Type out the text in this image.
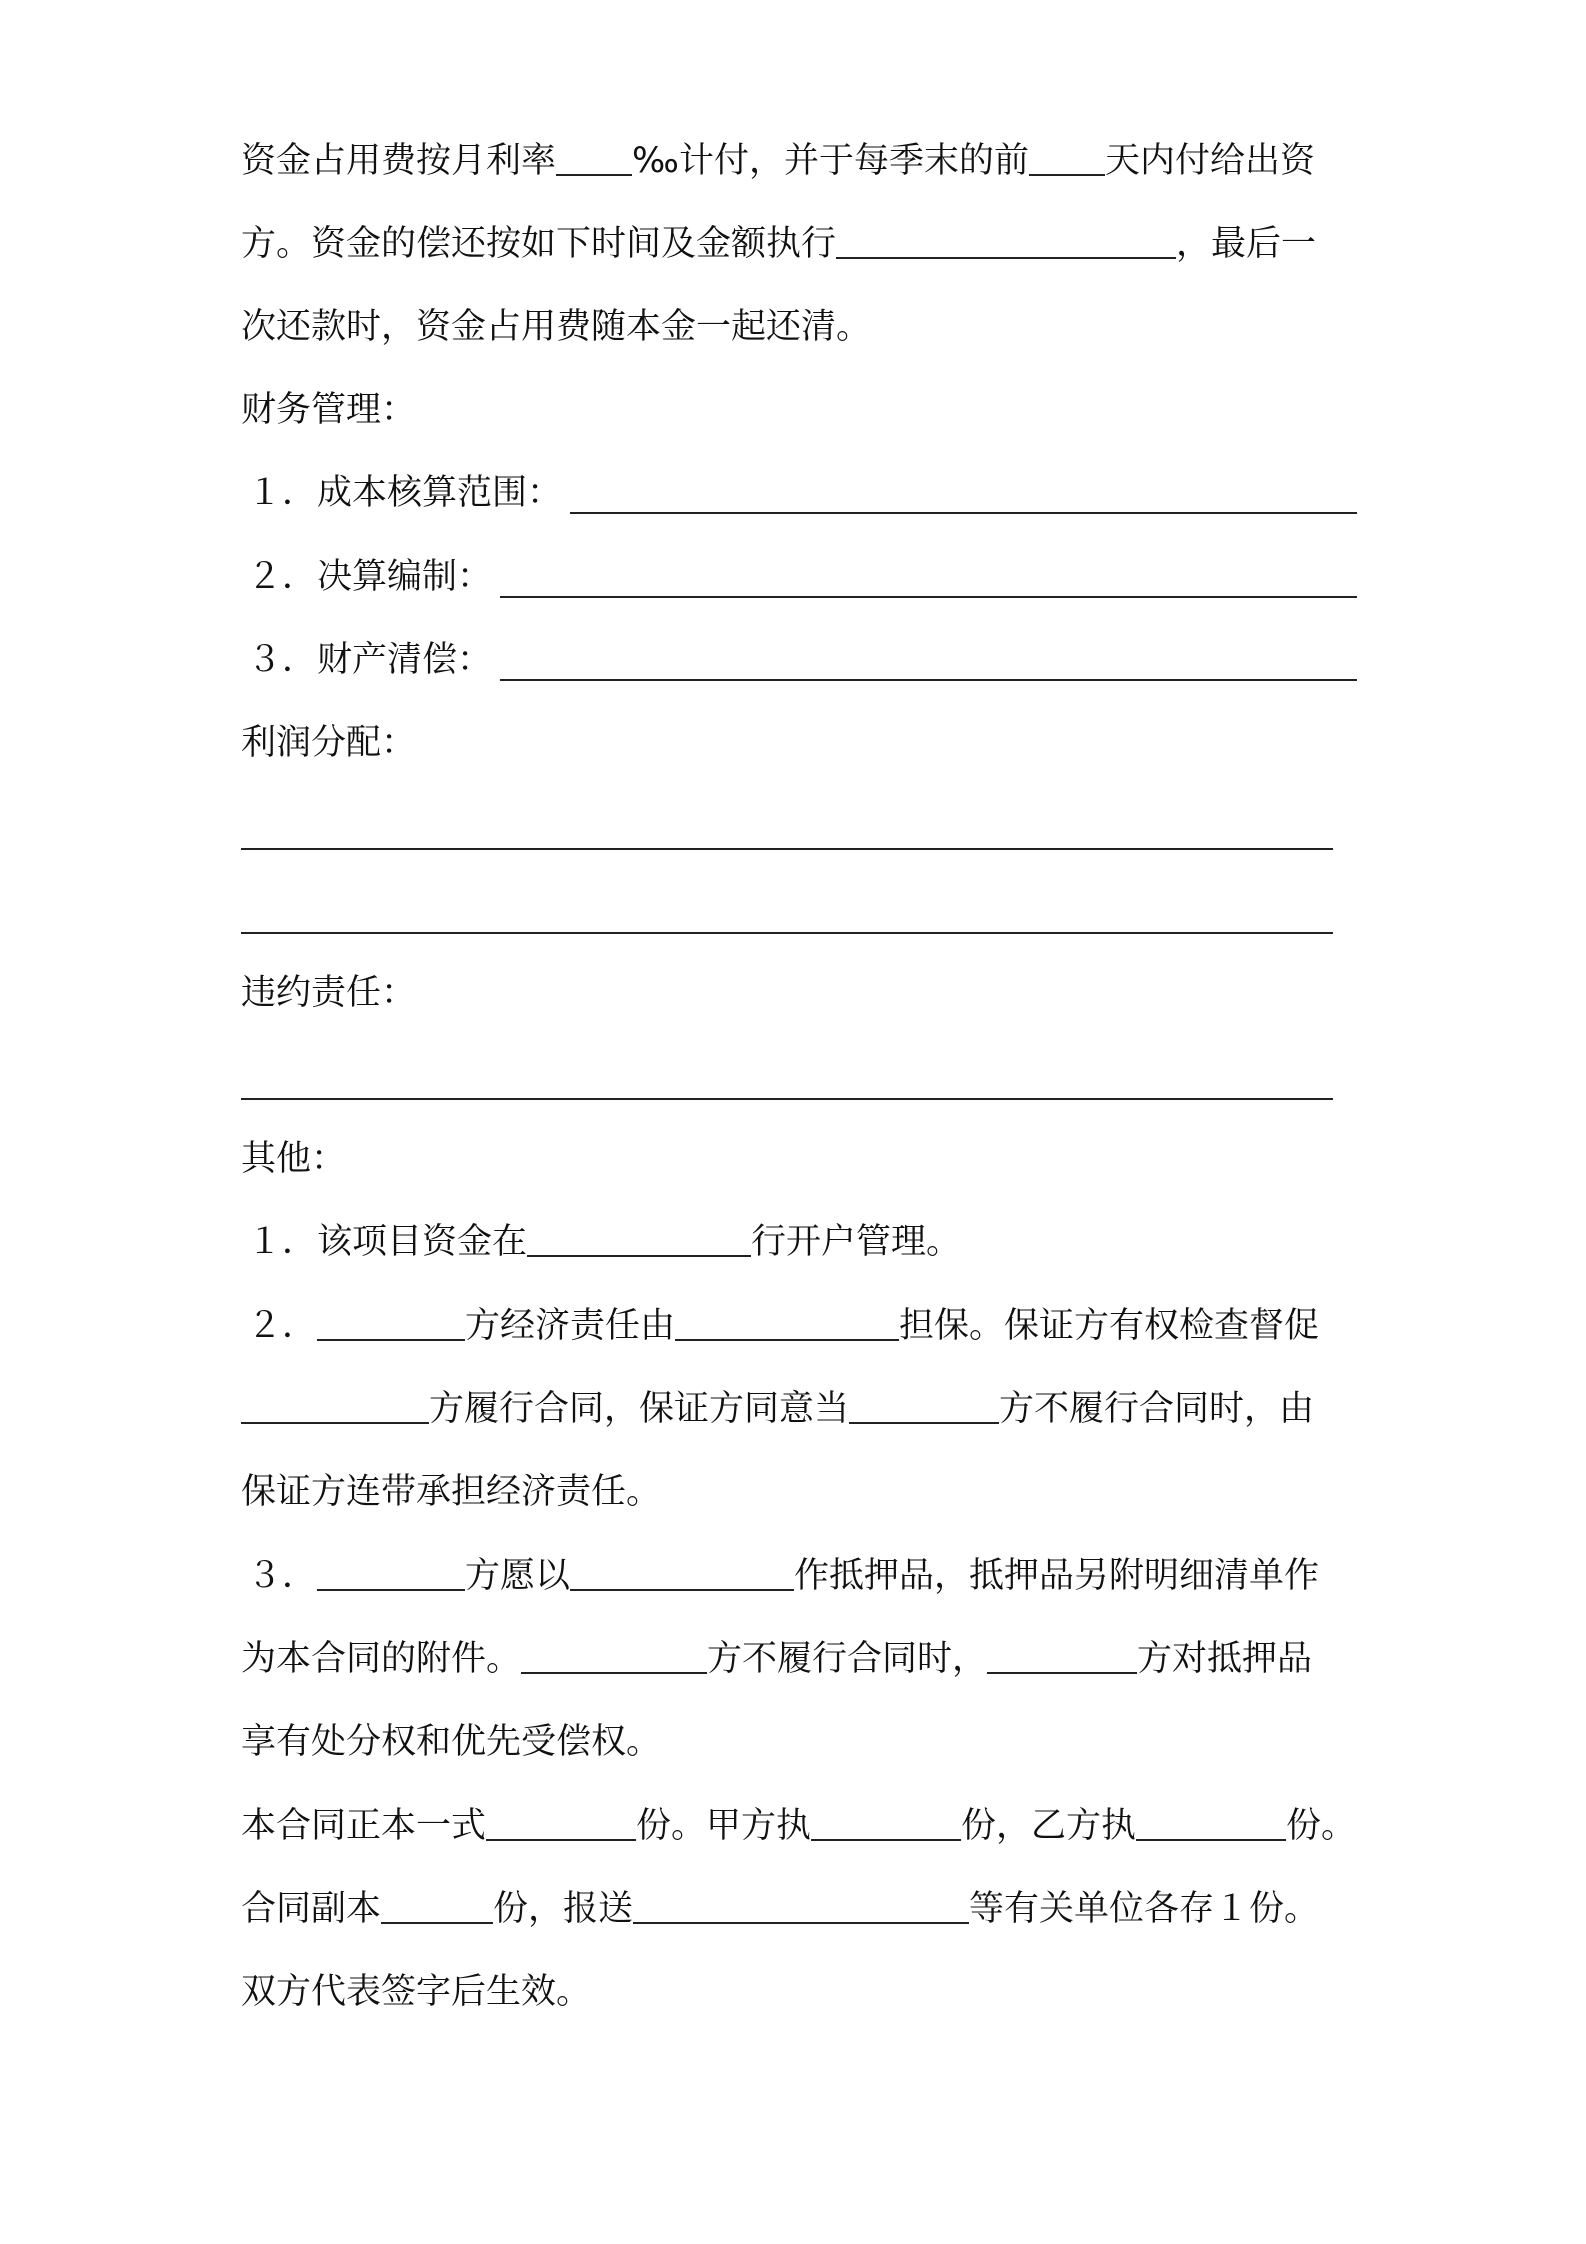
资金占用费按月利率 ‰计付，并于每季末的前 天内付给出资
方。资金的偿还按如下时间及金额执行	，最后一
次还款时，资金占用费随本金一起还清。
财务管理：
１． 成本核算范围：
２． 决算编制：
３． 财产清偿：
利润分配：
违约责任：
其他：
１．该项目资金在	行开户管理。
２．	方经济责任由	担保。保证方有权检查督促
方履行合同，保证方同意当	方不履行合同时，由
保证方连带承担经济责任。
３．	方愿以	作抵押品，抵押品另附明细清单作
为本合同的附件。	方不履行合同时，	方对抵押品
享有处分权和优先受偿权。
本合同正本一式	份。甲方执	份，乙方执	份。
合同副本	份，报送	等有关单位各存１份。
双方代表签字后生效。
